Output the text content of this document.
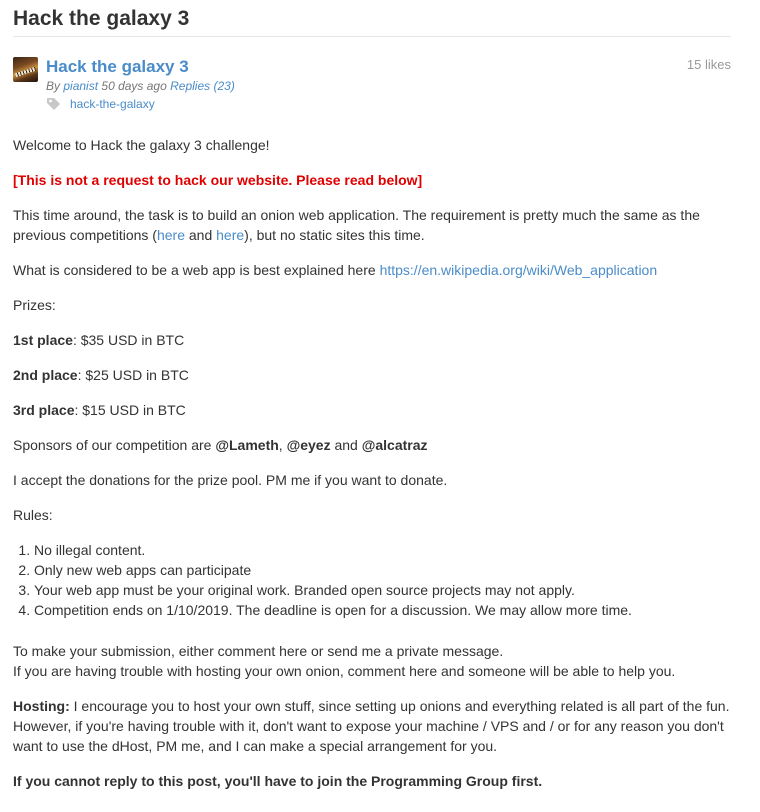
Hack the galaxy 3
Hack the galaxy 3	15 likes
By pianist 50 days ago Replies (23)
hack-the-galaxy

Welcome to Hack the galaxy 3 challenge!

[This is not a request to hack our website. Please read below]

This time around, the task is to build an onion web application. The requirement is pretty much the same as the previous competitions (here and here), but no static sites this time.

What is considered to be a web app is best explained here https://en.wikipedia.org/wiki/Web_application

Prizes:

1st place: $35 USD in BTC

2nd place: $25 USD in BTC

3rd place: $15 USD in BTC

Sponsors of our competition are @Lameth, @eyez and @alcatraz

I accept the donations for the prize pool. PM me if you want to donate.

Rules:

1. No illegal content.
2. Only new web apps can participate
3. Your web app must be your original work. Branded open source projects may not apply.
4. Competition ends on 1/10/2019. The deadline is open for a discussion. We may allow more time.

To make your submission, either comment here or send me a private message.
If you are having trouble with hosting your own onion, comment here and someone will be able to help you.

Hosting: I encourage you to host your own stuff, since setting up onions and everything related is all part of the fun. However, if you're having trouble with it, don't want to expose your machine / VPS and / or for any reason you don't want to use the dHost, PM me, and I can make a special arrangement for you.

If you cannot reply to this post, you'll have to join the Programming Group first.
